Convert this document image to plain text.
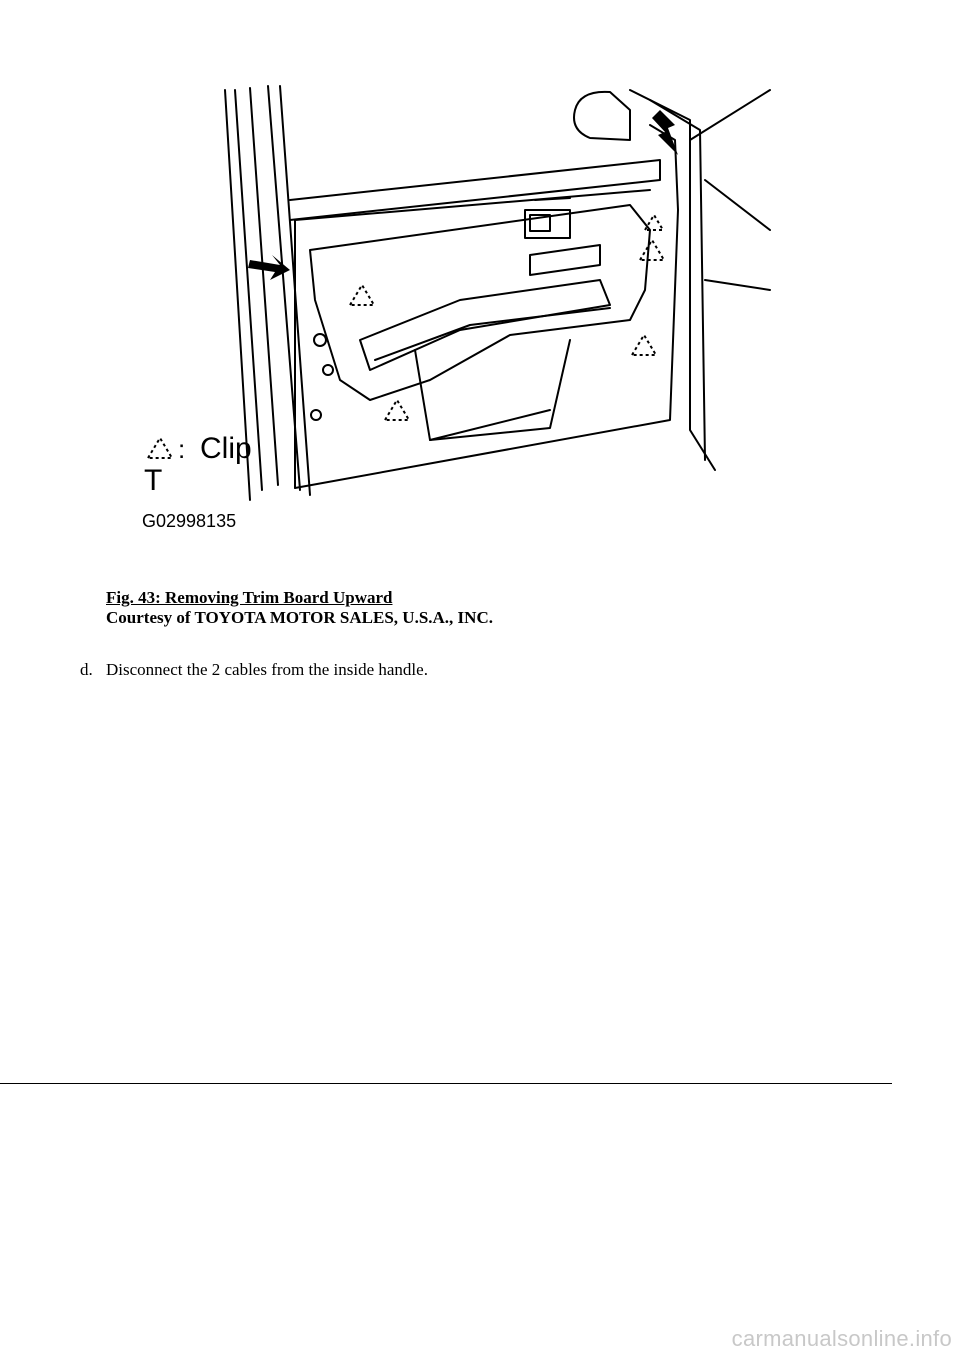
: Clip
T
G02998135
Fig. 43: Removing Trim Board Upward
Courtesy of TOYOTA MOTOR SALES, U.S.A., INC.
d. Disconnect the 2 cables from the inside handle.
carmanualsonline.info
